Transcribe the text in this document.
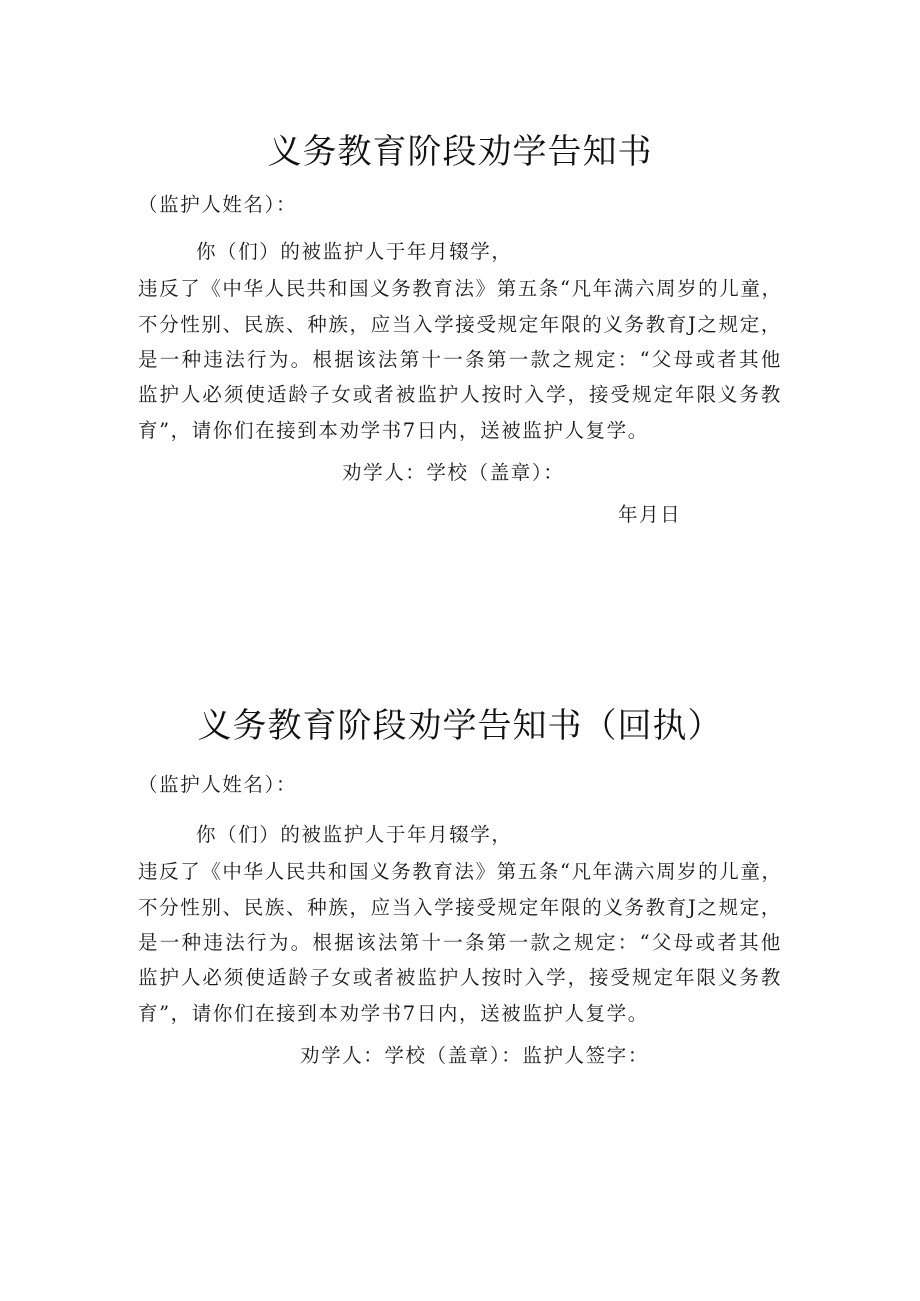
义务教育阶段劝学告知书

（监护人姓名）：

你（们）的被监护人于年月辍学，

违反了《中华人民共和国义务教育法》第五条“凡年满六周岁的儿童，

不分性别、民族、种族，应当入学接受规定年限的义务教育J之规定，

是一种违法行为。根据该法第十一条第一款之规定：“父母或者其他

监护人必须使适龄子女或者被监护人按时入学，接受规定年限义务教

育”，请你们在接到本劝学书7日内，送被监护人复学。

劝学人：学校（盖章）：

年月日

义务教育阶段劝学告知书（回执）

（监护人姓名）：

你（们）的被监护人于年月辍学，

违反了《中华人民共和国义务教育法》第五条“凡年满六周岁的儿童，

不分性别、民族、种族，应当入学接受规定年限的义务教育J之规定，

是一种违法行为。根据该法第十一条第一款之规定：“父母或者其他

监护人必须使适龄子女或者被监护人按时入学，接受规定年限义务教

育”，请你们在接到本劝学书7日内，送被监护人复学。

劝学人：学校（盖章）：监护人签字：
